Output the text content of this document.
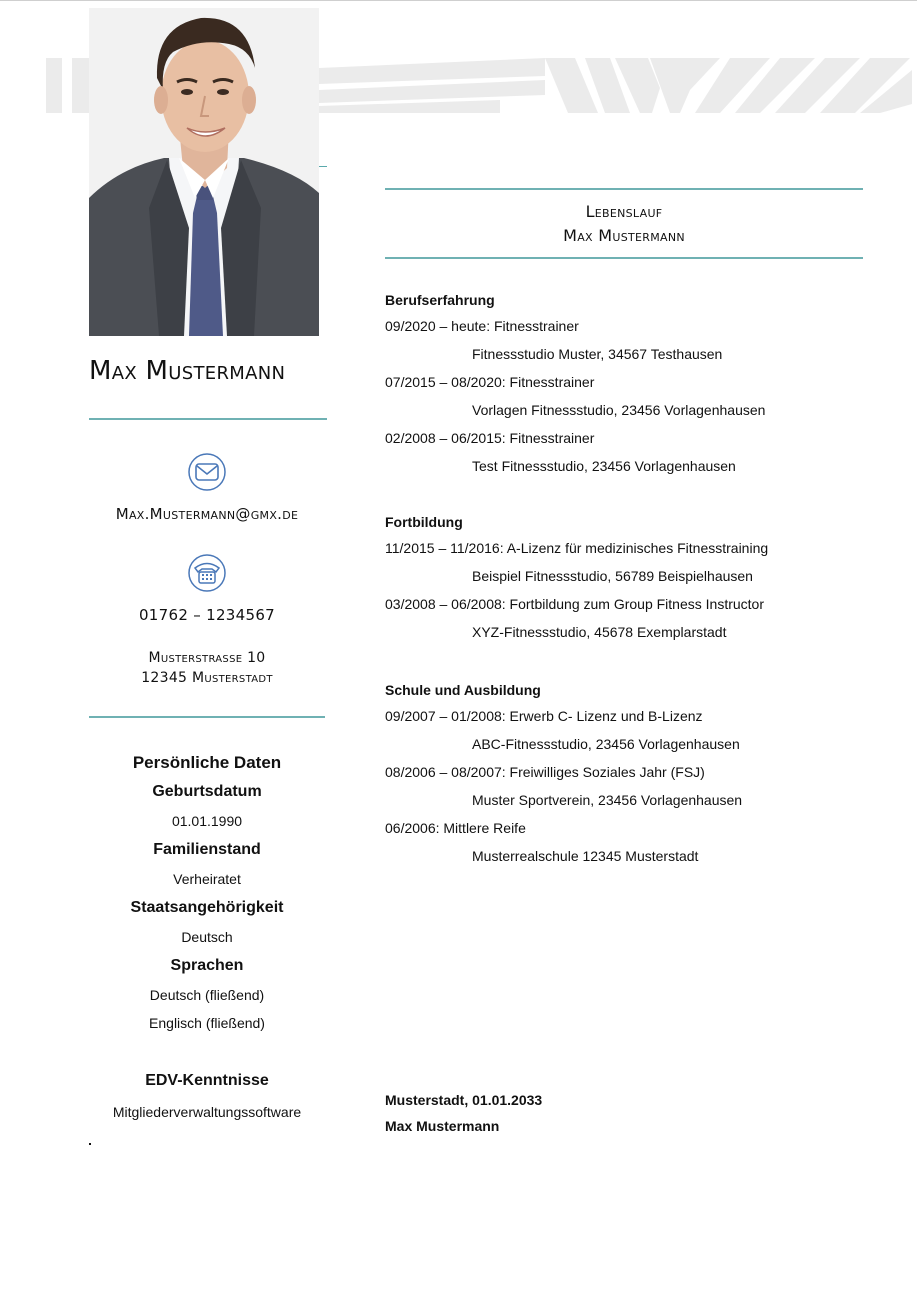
Max Mustermann
Max.Mustermann@gmx.de
01762 – 1234567
Musterstrasse 10
12345 Musterstadt
Persönliche Daten
Geburtsdatum
01.01.1990
Familienstand
Verheiratet
Staatsangehörigkeit
Deutsch
Sprachen
Deutsch (fließend)
Englisch (fließend)
EDV-Kenntnisse
Mitgliederverwaltungssoftware
Lebenslauf
Max Mustermann
Berufserfahrung
09/2020 – heute: Fitnesstrainer
Fitnessstudio Muster, 34567 Testhausen
07/2015 – 08/2020: Fitnesstrainer
Vorlagen Fitnessstudio, 23456 Vorlagenhausen
02/2008 – 06/2015: Fitnesstrainer
Test Fitnessstudio, 23456 Vorlagenhausen
Fortbildung
11/2015 – 11/2016: A-Lizenz für medizinisches Fitnesstraining
Beispiel Fitnessstudio, 56789 Beispielhausen
03/2008 – 06/2008: Fortbildung zum Group Fitness Instructor
XYZ-Fitnessstudio, 45678 Exemplarstadt
Schule und Ausbildung
09/2007 – 01/2008: Erwerb C- Lizenz und B-Lizenz
ABC-Fitnessstudio, 23456 Vorlagenhausen
08/2006 – 08/2007: Freiwilliges Soziales Jahr (FSJ)
Muster Sportverein, 23456 Vorlagenhausen
06/2006: Mittlere Reife
Musterrealschule 12345 Musterstadt
Musterstadt, 01.01.2033
Max Mustermann
